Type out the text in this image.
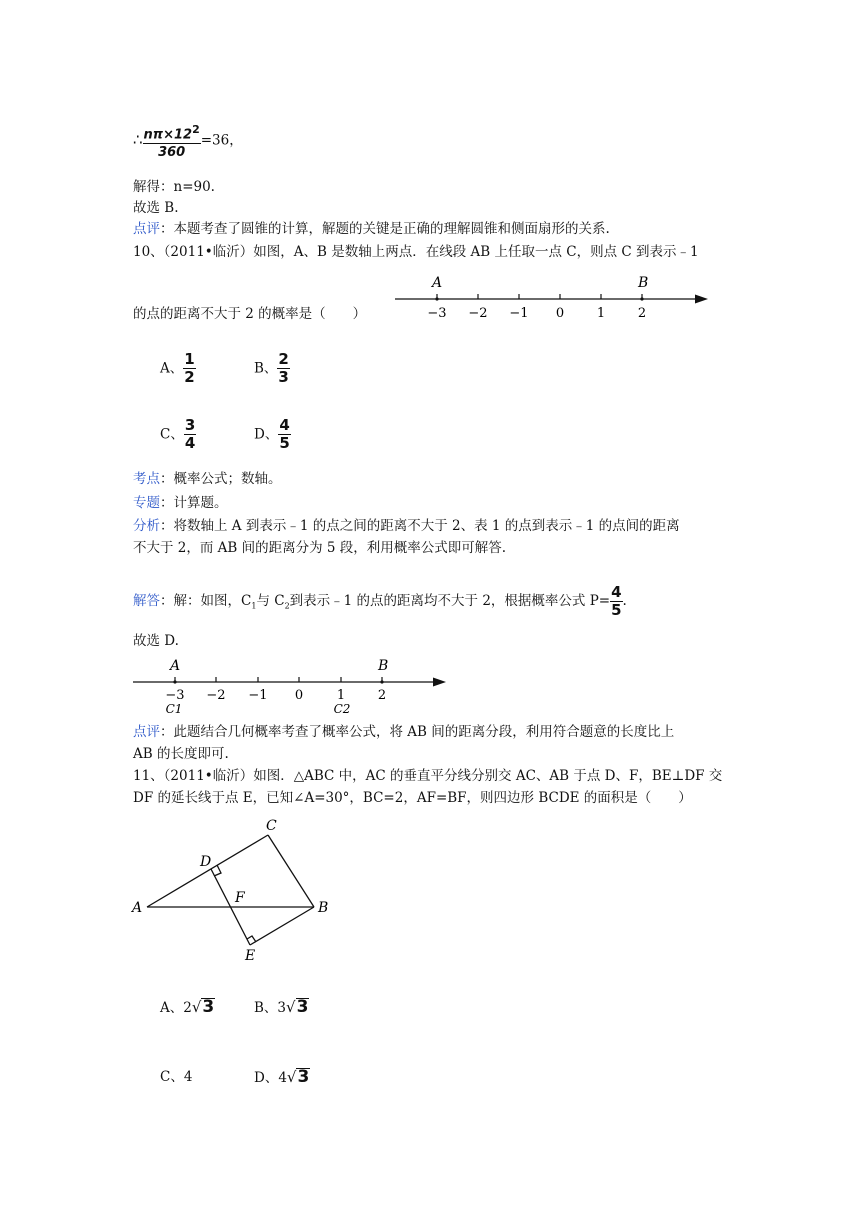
∴ $\frac{n\pi\times 12^2}{360} =36$，
解得：n=90.
故选 B.
点评：本题考查了圆锥的计算，解题的关键是正确的理解圆锥和侧面扇形的关系.
10、（2011•临沂）如图，A、B 是数轴上两点．在线段 AB 上任取一点 C，则点 C 到表示﹣1
的点的距离不大于 2 的概率是（　　）
A	B
−3 −2 −1 0	1	2
A、 $\frac{1}{2}$	B、 $\frac{2}{3}$
C、 $\frac{3}{4}$	D、 $\frac{4}{5}$
考点：概率公式；数轴。
专题：计算题。
分析：将数轴上 A 到表示﹣1 的点之间的距离不大于 2、表 1 的点到表示﹣1 的点间的距离
不大于 2，而 AB 间的距离分为 5 段，利用概率公式即可解答.
解答：解：如图，$C_1$与 $C_2$到表示﹣1 的点的距离均不大于 2，根据概率公式 $P= \frac{4}{5}$ .
故选 D.
A	B
−3 −2 −1 0	1	2
C1	C2
点评：此题结合几何概率考查了概率公式，将 AB 间的距离分段，利用符合题意的长度比上
AB 的长度即可.
11、（2011•临沂）如图．△ABC 中，AC 的垂直平分线分别交 AC、AB 于点 D、F，BE⊥DF 交
DF 的延长线于点 E，已知∠A=30°，BC=2，AF=BF，则四边形 BCDE 的面积是（　　）
A	B
C
D
E
F
A、2√3	B、3√3
C、4	D、4√3
